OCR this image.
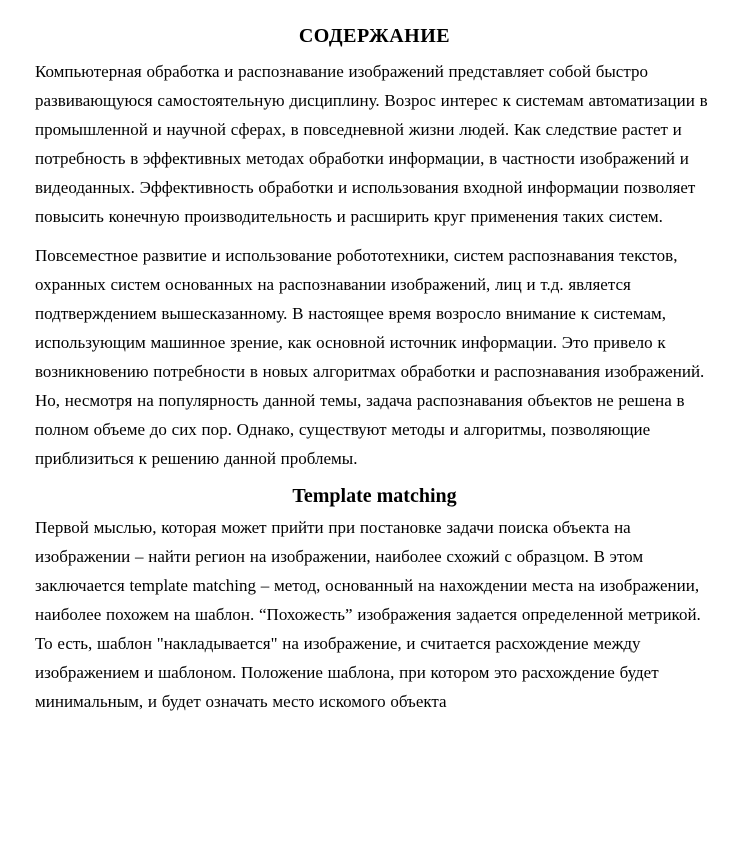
СОДЕРЖАНИЕ

Компьютерная обработка и распознавание изображений представляет собой быстро развивающуюся самостоятельную дисциплину. Возрос интерес к системам автоматизации в промышленной и научной сферах, в повседневной жизни людей. Как следствие растет и потребность в эффективных методах обработки информации, в частности изображений и видеоданных. Эффективность обработки и использования входной информации позволяет повысить конечную производительность и расширить круг применения таких систем.

Повсеместное развитие и использование робототехники, систем распознавания текстов, охранных систем основанных на распознавании изображений, лиц и т.д. является подтверждением вышесказанному. В настоящее время возросло внимание к системам, использующим машинное зрение, как основной источник информации. Это привело к возникновению потребности в новых алгоритмах обработки и распознавания изображений. Но, несмотря на популярность данной темы, задача распознавания объектов не решена в полном объеме до сих пор. Однако, существуют методы и алгоритмы, позволяющие приблизиться к решению данной проблемы.

Template matching

Первой мыслью, которая может прийти при постановке задачи поиска объекта на изображении – найти регион на изображении, наиболее схожий с образцом. В этом заключается template matching – метод, основанный на нахождении места на изображении, наиболее похожем на шаблон. “Похожесть” изображения задается определенной метрикой. То есть, шаблон "накладывается" на изображение, и считается расхождение между изображением и шаблоном. Положение шаблона, при котором это расхождение будет минимальным, и будет означать место искомого объекта
